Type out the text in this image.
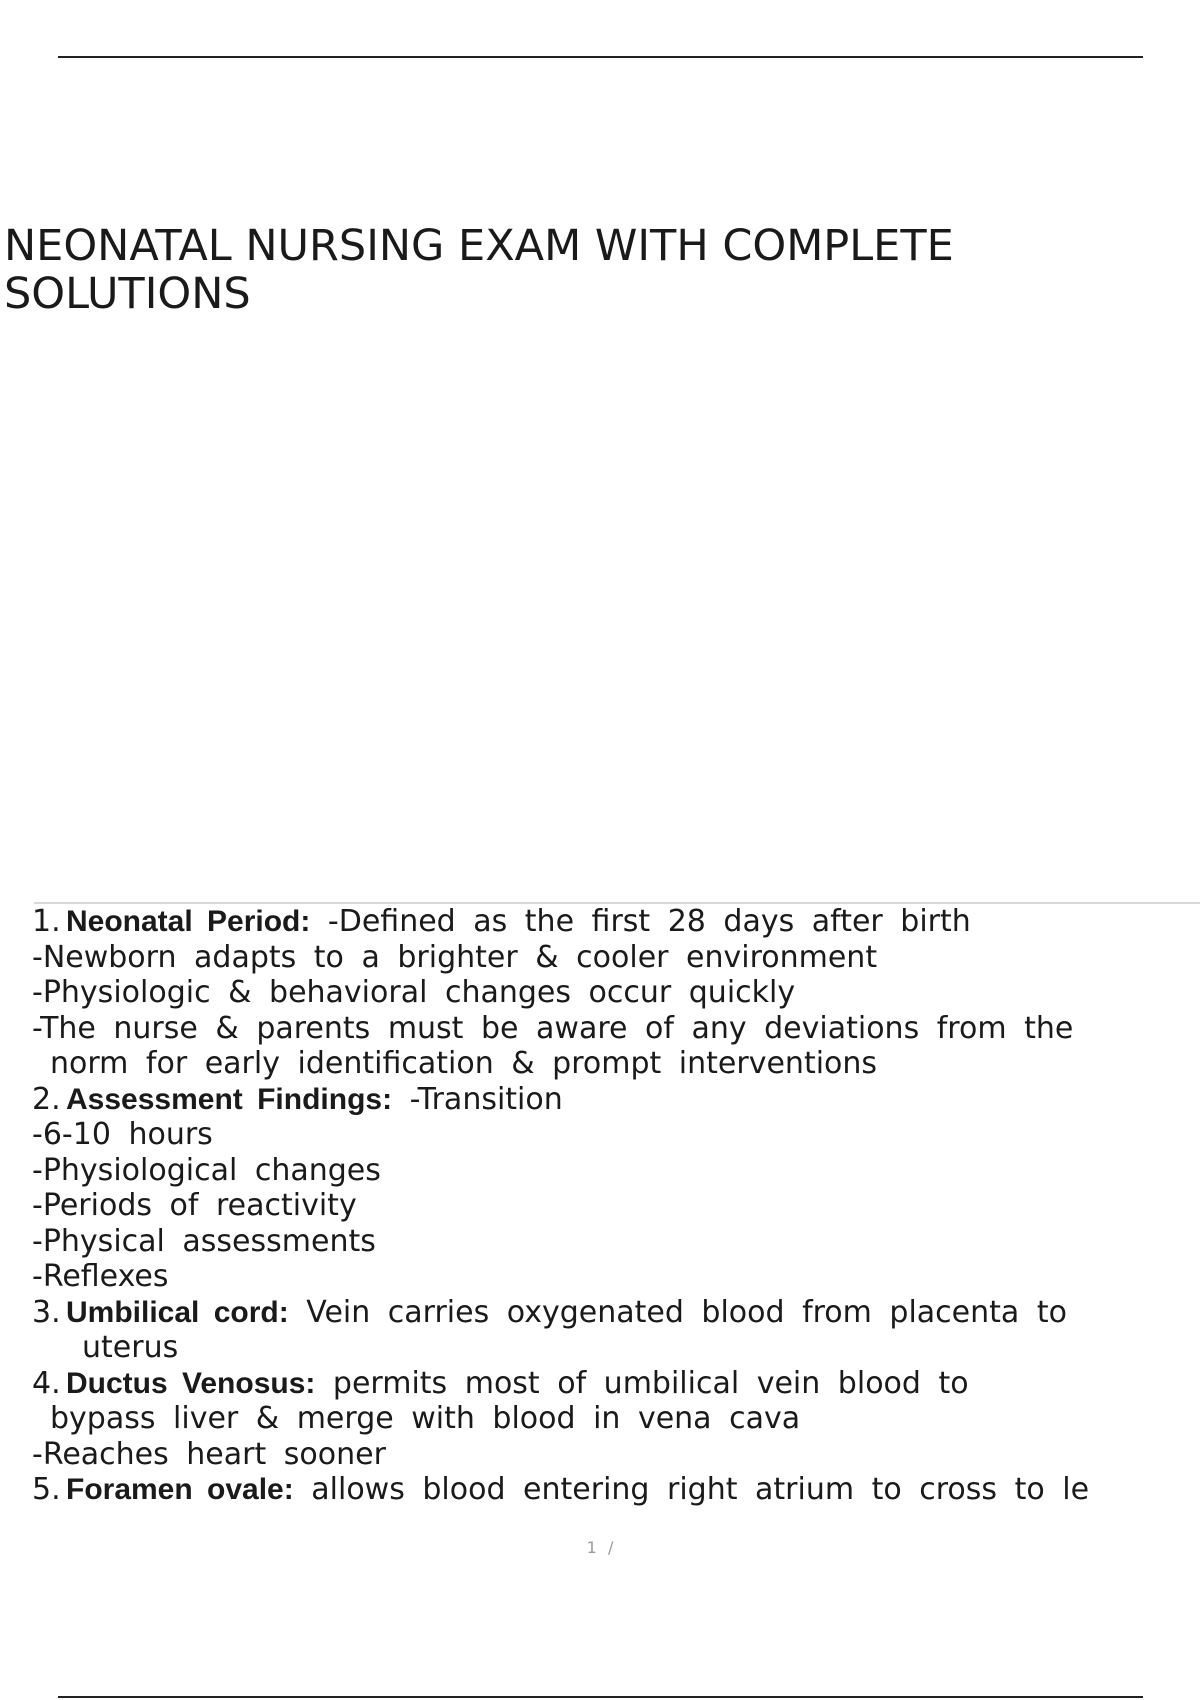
NEONATAL NURSING EXAM WITH COMPLETE
SOLUTIONS
1. Neonatal Period: -Defined as the first 28 days after birth
-Newborn adapts to a brighter & cooler environment
-Physiologic & behavioral changes occur quickly
-The nurse & parents must be aware of any deviations from the
norm for early identification & prompt interventions
2. Assessment Findings: -Transition
-6-10 hours
-Physiological changes
-Periods of reactivity
-Physical assessments
-Reflexes
3. Umbilical cord: Vein carries oxygenated blood from placenta to
uterus
4. Ductus Venosus: permits most of umbilical vein blood to
bypass liver & merge with blood in vena cava
-Reaches heart sooner
5. Foramen ovale: allows blood entering right atrium to cross to le
1 /
